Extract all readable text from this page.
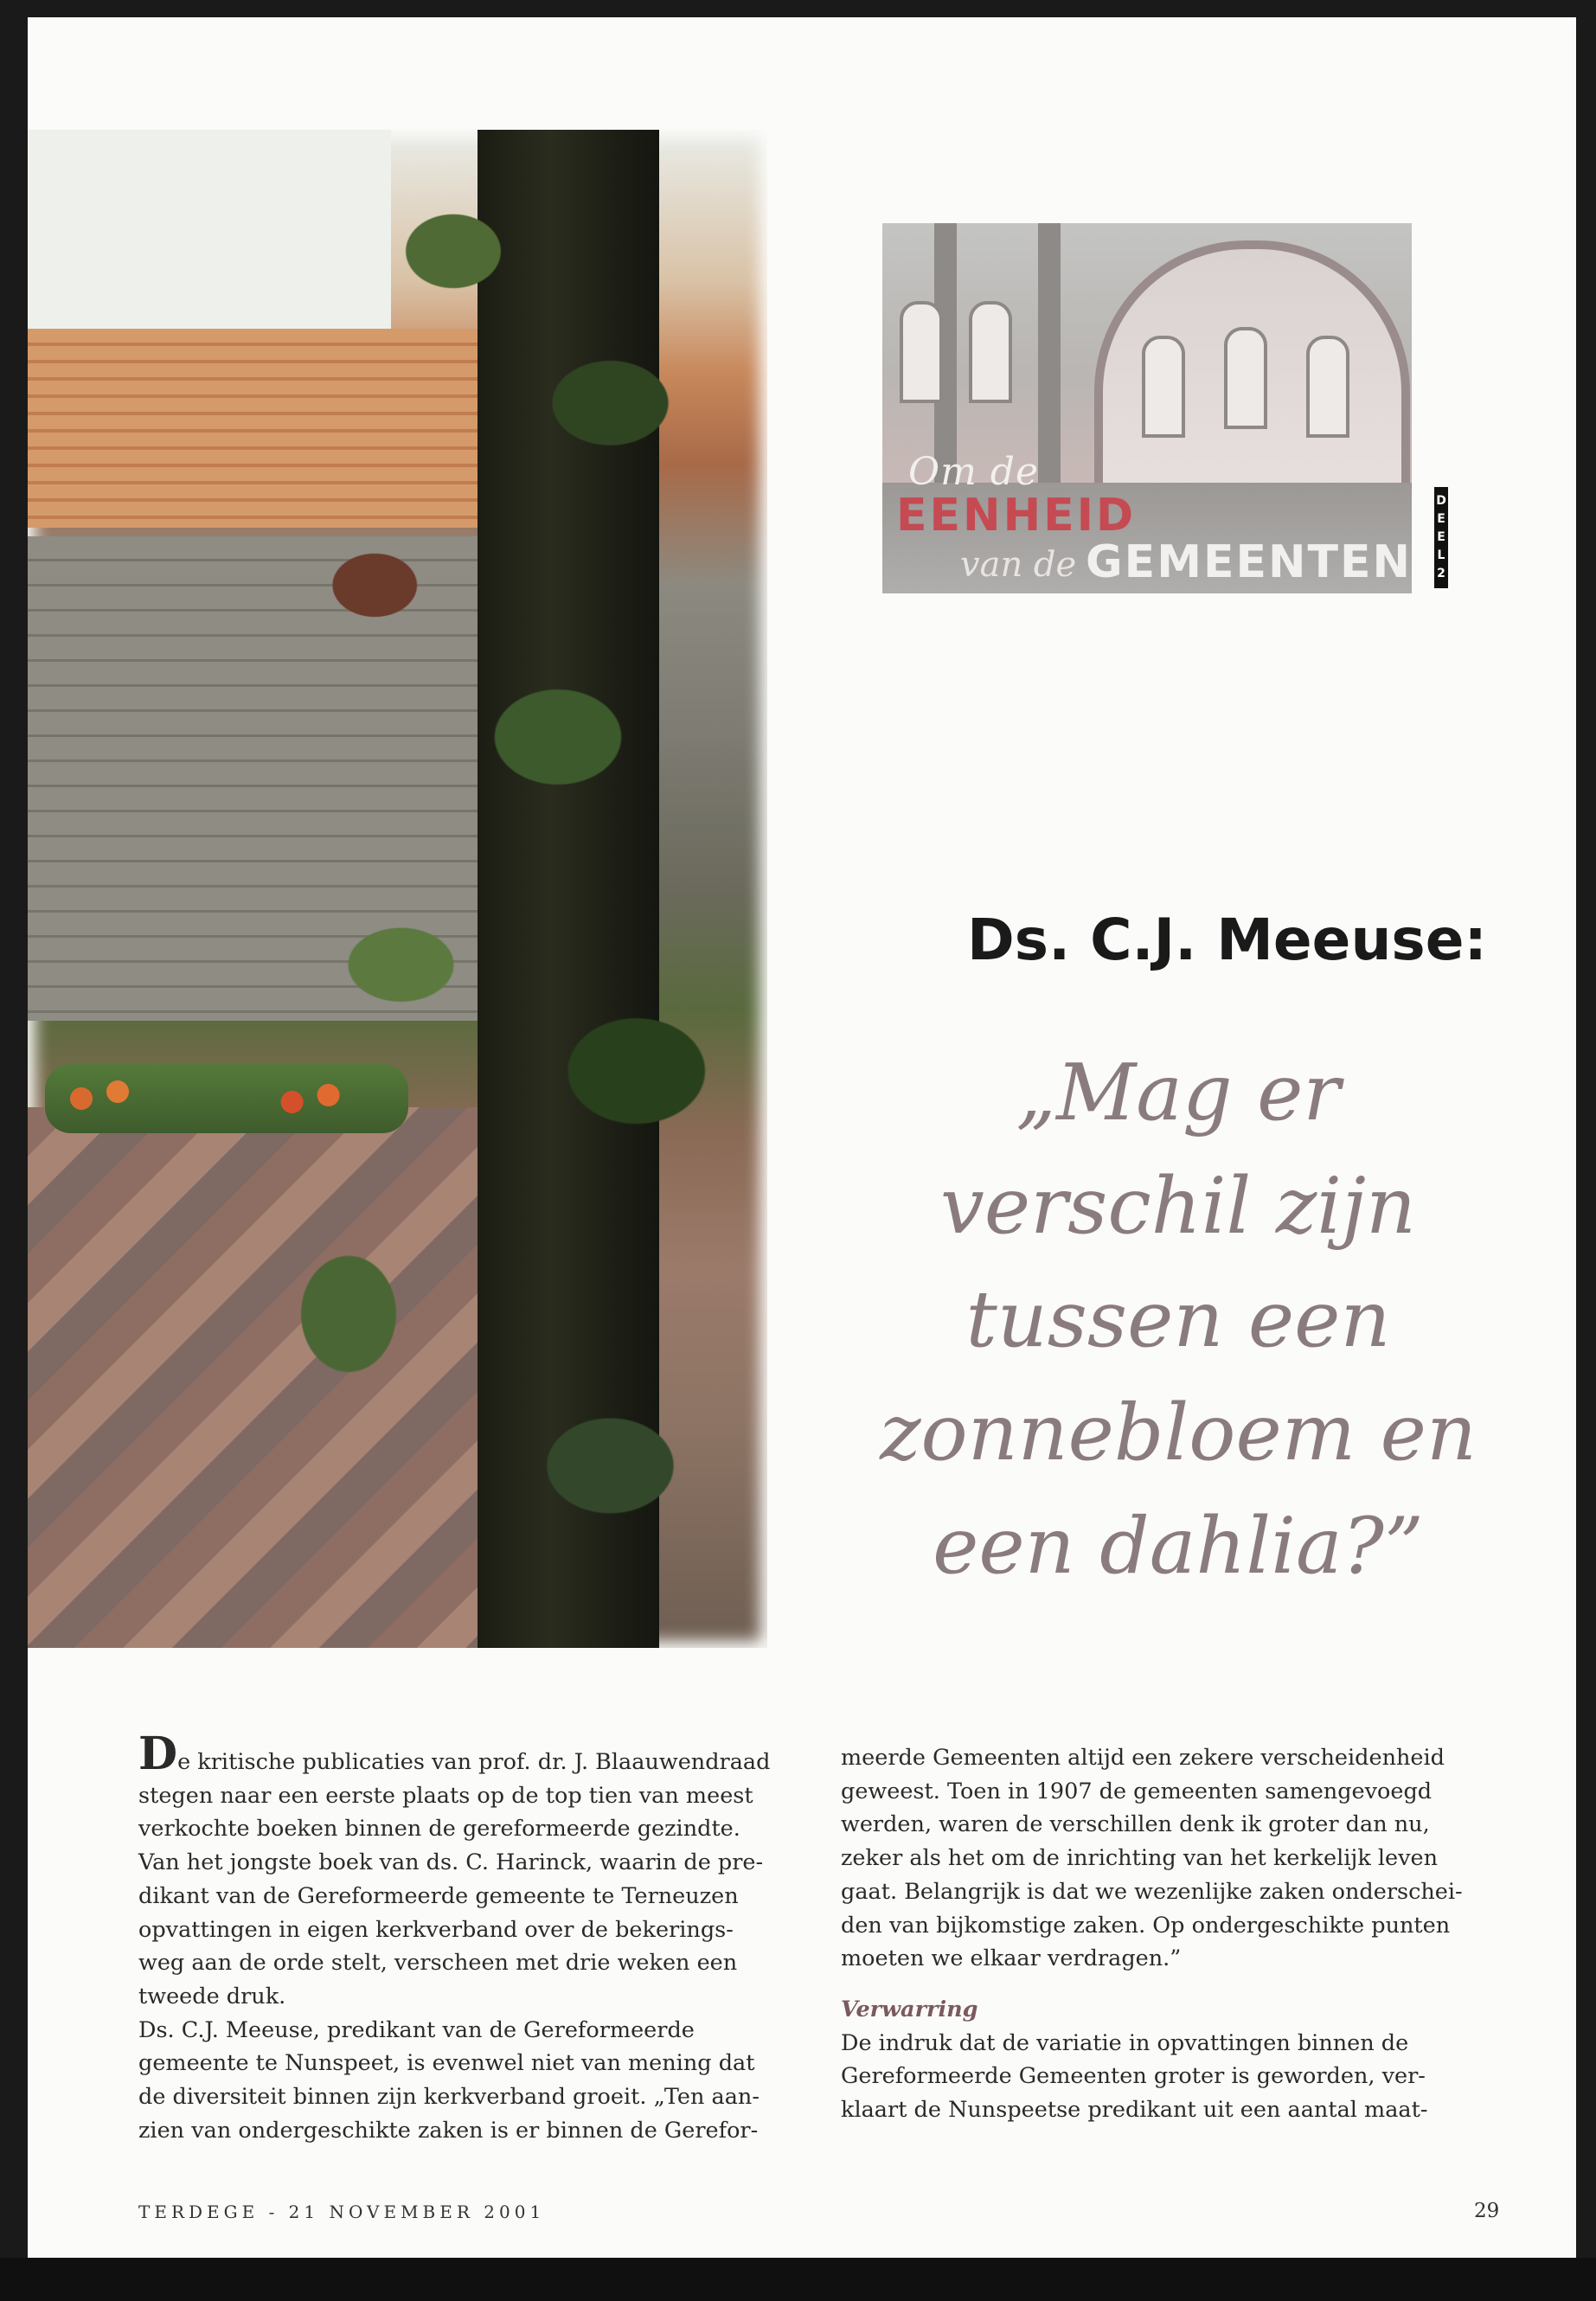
Om de
EENHEID
van de GEMEENTEN
D
E
E
L
2
Ds. C.J. Meeuse:
„Mag er
verschil zijn
tussen een
zonnebloem en
een dahlia?”
De kritische publicaties van prof. dr. J. Blaauwendraad
stegen naar een eerste plaats op de top tien van meest
verkochte boeken binnen de gereformeerde gezindte.
Van het jongste boek van ds. C. Harinck, waarin de pre-
dikant van de Gereformeerde gemeente te Terneuzen
opvattingen in eigen kerkverband over de bekerings-
weg aan de orde stelt, verscheen met drie weken een
tweede druk.
Ds. C.J. Meeuse, predikant van de Gereformeerde
gemeente te Nunspeet, is evenwel niet van mening dat
de diversiteit binnen zijn kerkverband groeit. „Ten aan-
zien van ondergeschikte zaken is er binnen de Gerefor-
meerde Gemeenten altijd een zekere verscheidenheid
geweest. Toen in 1907 de gemeenten samengevoegd
werden, waren de verschillen denk ik groter dan nu,
zeker als het om de inrichting van het kerkelijk leven
gaat. Belangrijk is dat we wezenlijke zaken onderschei-
den van bijkomstige zaken. Op ondergeschikte punten
moeten we elkaar verdragen.”
Verwarring
De indruk dat de variatie in opvattingen binnen de
Gereformeerde Gemeenten groter is geworden, ver-
klaart de Nunspeetse predikant uit een aantal maat-
TERDEGE - 21 NOVEMBER 2001	29
